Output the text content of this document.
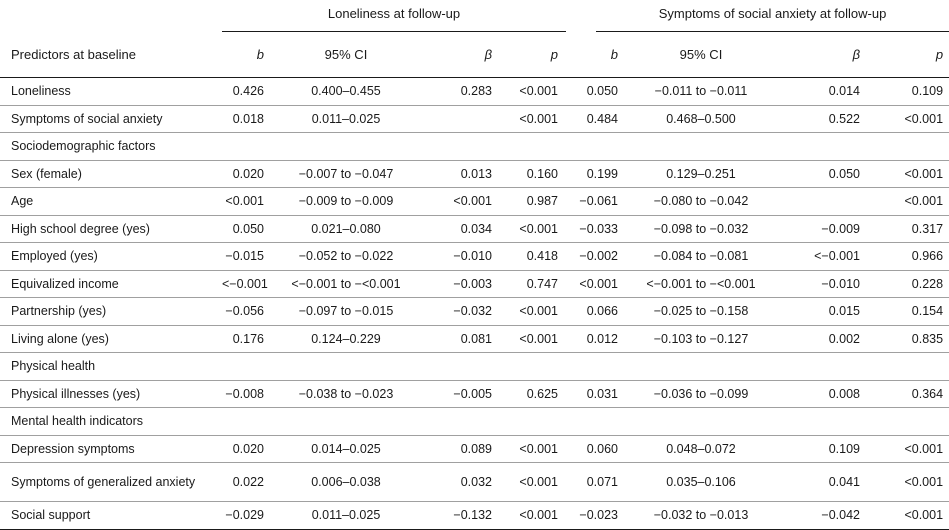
	Loneliness at follow-up				Symptoms of social anxiety at follow-up			

Predictors at baseline	b	95% CI	β	p	b	95% CI	β	p
Loneliness	0.426	0.400–0.455	0.283	<0.001	0.050	−0.011 to −0.011	0.014	0.109
Symptoms of social anxiety	0.018	0.011–0.025		<0.001	0.484	0.468–0.500	0.522	<0.001
Sociodemographic factors								
Sex (female)	0.020	−0.007 to −0.047	0.013	0.160	0.199	0.129–0.251	0.050	<0.001
Age	<0.001	−0.009 to −0.009	<0.001	0.987	−0.061	−0.080 to −0.042		<0.001
High school degree (yes)	0.050	0.021–0.080	0.034	<0.001	−0.033	−0.098 to −0.032	−0.009	0.317
Employed (yes)	−0.015	−0.052 to −0.022	−0.010	0.418	−0.002	−0.084 to −0.081	<−0.001	0.966
Equivalized income	<−0.001	<−0.001 to −<0.001	−0.003	0.747	<0.001	<−0.001 to −<0.001	−0.010	0.228
Partnership (yes)	−0.056	−0.097 to −0.015	−0.032	<0.001	0.066	−0.025 to −0.158	0.015	0.154
Living alone (yes)	0.176	0.124–0.229	0.081	<0.001	0.012	−0.103 to −0.127	0.002	0.835
Physical health								
Physical illnesses (yes)	−0.008	−0.038 to −0.023	−0.005	0.625	0.031	−0.036 to −0.099	0.008	0.364
Mental health indicators								
Depression symptoms	0.020	0.014–0.025	0.089	<0.001	0.060	0.048–0.072	0.109	<0.001
Symptoms of generalized anxiety	0.022	0.006–0.038	0.032	<0.001	0.071	0.035–0.106	0.041	<0.001
Social support	−0.029	0.011–0.025	−0.132	<0.001	−0.023	−0.032 to −0.013	−0.042	<0.001
